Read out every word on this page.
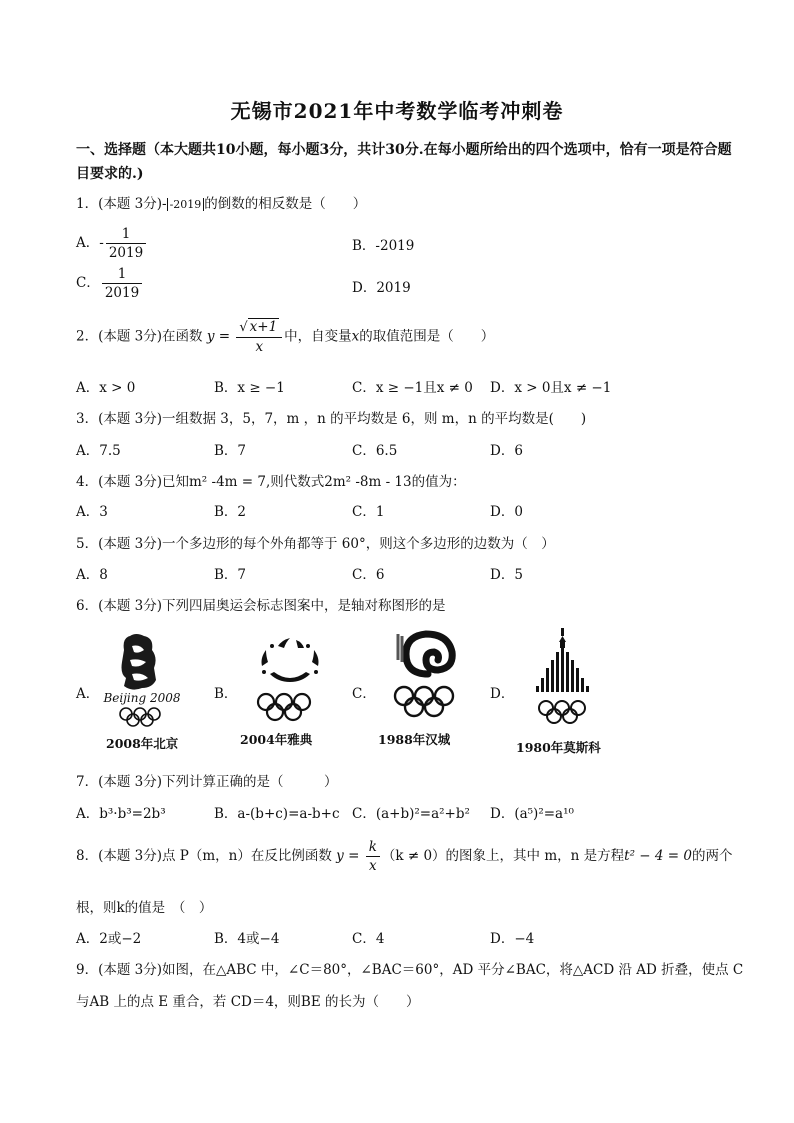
无锡市2021年中考数学临考冲刺卷
一、选择题（本大题共10小题，每小题3分，共计30分.在每小题所给出的四个选项中，恰有一项是符合题目要求的.)
1．(本题 3分)- -2019 的倒数的相反数是（　　）
A．- $\frac{1}{2019}$	B．-2019
C． $\frac{1}{2019}$	D．2019
2．(本题 3分)在函数 $y = \frac{√ x+1}{x}$ 中，自变量x的取值范围是（　　）
A．x > 0	B．x ≥ −1	C．x ≥ −1且x ≠ 0 D．x > 0且x ≠ −1
3．(本题 3分)一组数据 3，5，7，m ，n 的平均数是 6，则 m，n 的平均数是(　　)
A．7.5	B．7	C．6.5	D．6
4．(本题 3分)已知m² -4m = 7,则代数式2m² -8m - 13的值为：
A．3	B．2	C．1	D．0
5．(本题 3分)一个多边形的每个外角都等于 60°，则这个多边形的边数为（　）
A．8	B．7	C．6	D．5
6．(本题 3分)下列四届奥运会标志图案中，是轴对称图形的是
A．	B．	C．	D．
Beijing 2008
2008年北京	2004年雅典	1988年汉城
1980年莫斯科
7．(本题 3分)下列计算正确的是（　　　）
A．b³·b³=2b³	B．a-(b+c)=a-b+c C．(a+b)²=a²+b² D．(a⁵)²=a¹⁰
8．(本题 3分)点 P（m，n）在反比例函数 $y = \frac{k}{x} (k \ne 0)$的图象上，其中 m，n 是方程t² − 4 = 0的两个
根，则k的值是　（　）
A．2或−2	B．4或−4	C．4	D．−4
9．(本题 3分)如图，在△ABC 中，∠C＝80°，∠BAC＝60°，AD 平分∠BAC，将△ACD 沿 AD 折叠，使点 C
与AB 上的点 E 重合，若 CD＝4，则BE 的长为（　　）
